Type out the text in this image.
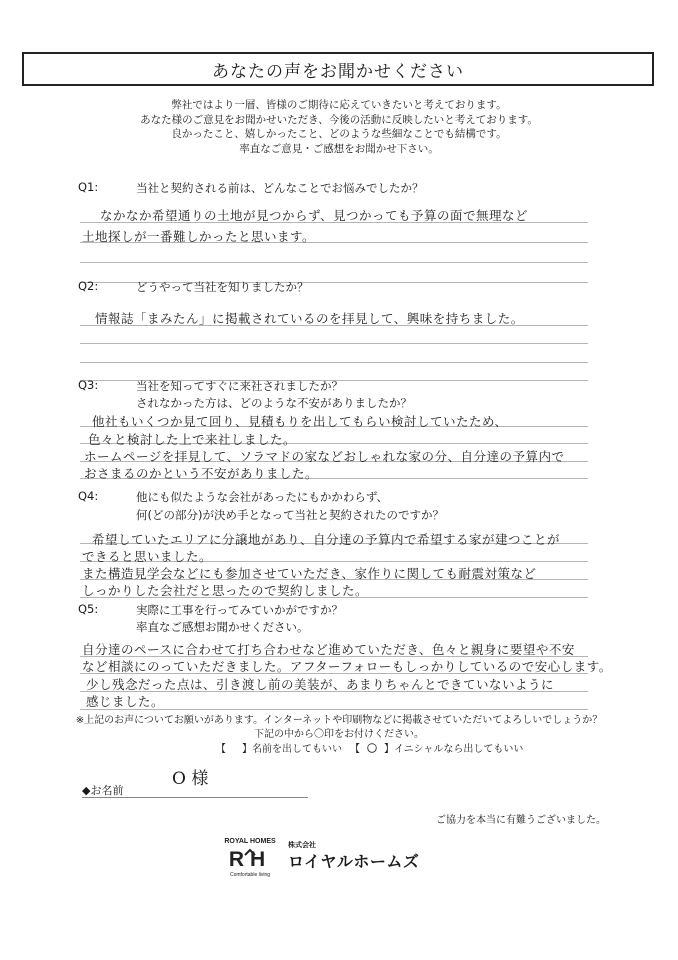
あなたの声をお聞かせください
弊社ではより一層、皆様のご期待に応えていきたいと考えております。
あなた様のご意見をお聞かせいただき、今後の活動に反映したいと考えております。
良かったこと、嬉しかったこと、どのような些細なことでも結構です。
率直なご意見・ご感想をお聞かせ下さい。
Q1:	当社と契約される前は、どんなことでお悩みでしたか？
なかなか希望通りの土地が見つからず、見つかっても予算の面で無理など
土地探しが一番難しかったと思います。
Q2:	どうやって当社を知りましたか？
情報誌「まみたん」に掲載されているのを拝見して、興味を持ちました。
Q3:	当社を知ってすぐに来社されましたか？
されなかった方は、どのような不安がありましたか？
他社もいくつか見て回り、見積もりを出してもらい検討していたため、
色々と検討した上で来社しました。
ホームページを拝見して、ソラマドの家などおしゃれな家の分、自分達の予算内で
おさまるのかという不安がありました。
Q4:	他にも似たような会社があったにもかかわらず、
何(どの部分)が決め手となって当社と契約されたのですか？
希望していたエリアに分譲地があり、自分達の予算内で希望する家が建つことが
できると思いました。
また構造見学会などにも参加させていただき、家作りに関しても耐震対策など
しっかりした会社だと思ったので契約しました。
Q5:	実際に工事を行ってみていかがですか？
率直なご感想お聞かせください。
自分達のペースに合わせて打ち合わせなど進めていただき、色々と親身に要望や不安
など相談にのっていただきました。アフターフォローもしっかりしているので安心します。
少し残念だった点は、引き渡し前の美装が、あまりちゃんとできていないように
感じました。
※上記のお声についてお願いがあります。インターネットや印刷物などに掲載させていただいてよろしいでしょうか？
下記の中から〇印をお付けください。
【 】名前を出してもいい 【 〇 】イニシャルなら出してもいい
◆お名前
O 様
ご協力を本当に有難うございました。
ROYAL HOMES
RH
Comfortable living
株式会社
ロイヤルホームズ
